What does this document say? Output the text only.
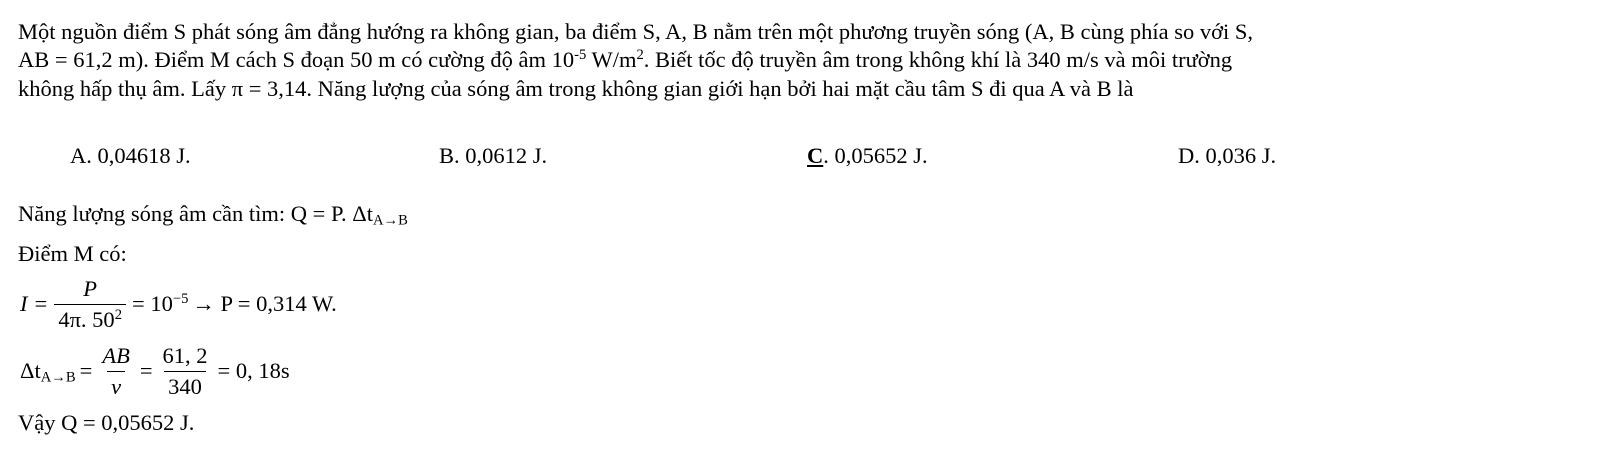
Một nguồn điểm S phát sóng âm đẳng hướng ra không gian, ba điểm S, A, B nằm trên một phương truyền sóng (A, B cùng phía so với S,
AB = 61,2 m). Điểm M cách S đoạn 50 m có cường độ âm $10^{-5}$ $W/m^2$. Biết tốc độ truyền âm trong không khí là 340 m/s và môi trường
không hấp thụ âm. Lấy π = 3,14. Năng lượng của sóng âm trong không gian giới hạn bởi hai mặt cầu tâm S đi qua A và B là
A. 0,04618 J.	B. 0,0612 J.	C. 0,05652 J.	D. 0,036 J.
Năng lượng sóng âm cần tìm: Q = P. $\Delta t_{A\to B}$
Điểm M có:
$I = \frac{P}{4\pi. 50^2} = 10^{-5} \to P = 0,314$ W.
$\Delta t_{A\to B} = \frac{AB}{v} = \frac{61, 2}{340} = 0$, 18s
Vậy Q = 0,05652 J.
